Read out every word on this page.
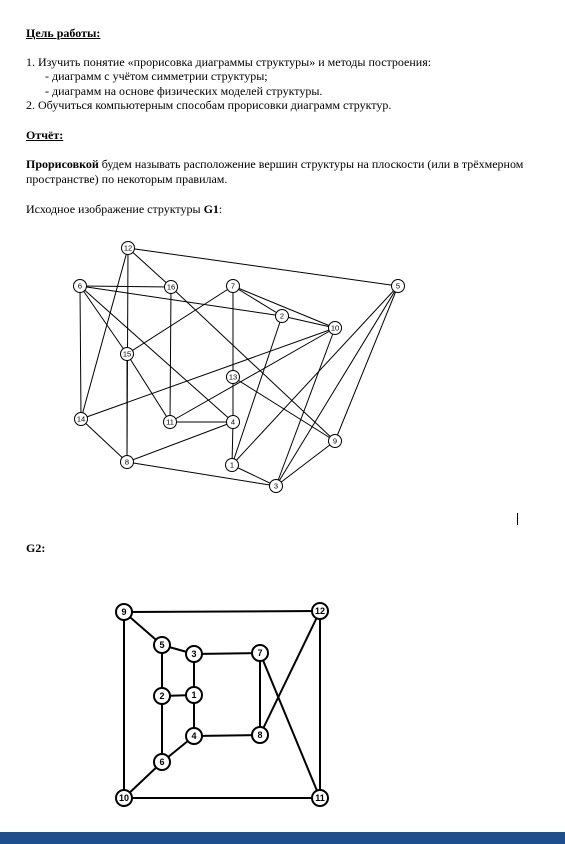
Цель работы:
1. Изучить понятие «прорисовка диаграммы структуры» и методы построения:
- диаграмм с учётом симметрии структуры;
- диаграмм на основе физических моделей структуры.
2. Обучиться компьютерным способам прорисовки диаграмм структур.
Отчёт:
Прорисовкой будем называть расположение вершин структуры на плоскости (или в трёхмерном
пространстве) по некоторым правилам.
Исходное изображение структуры G1:
G2:
1
2
3
4
5
6	7
8
9
10
11
12
13
14
15
16
1
2
3
4
5
6
7
8
9
10	11
12
